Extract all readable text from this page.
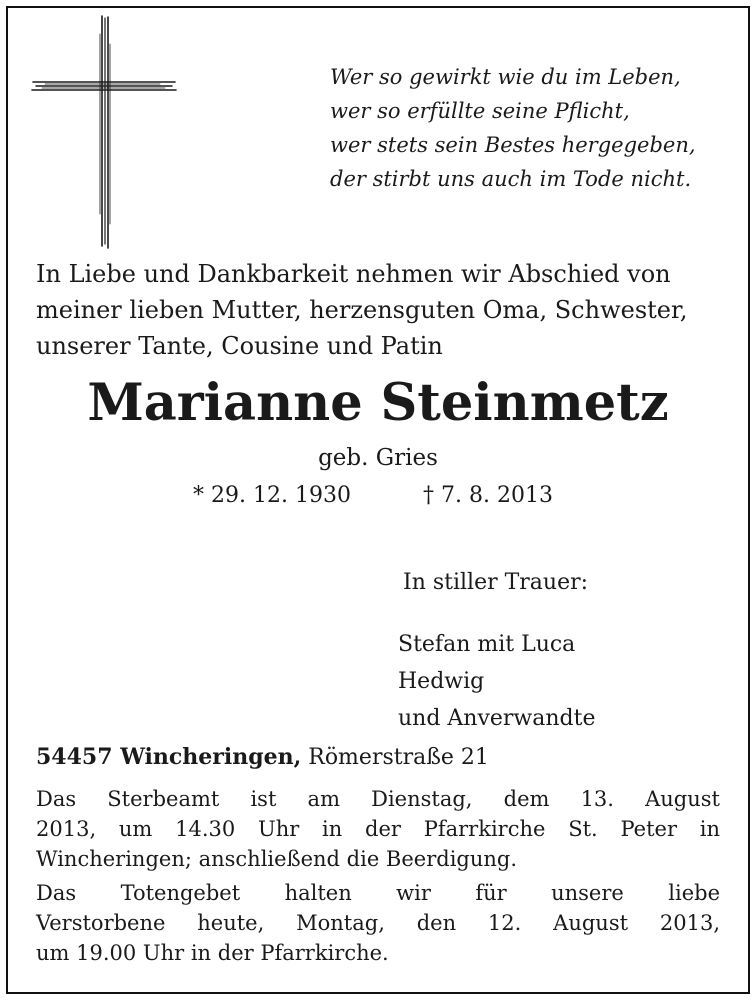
Wer so gewirkt wie du im Leben,
wer so erfüllte seine Pflicht,
wer stets sein Bestes hergegeben,
der stirbt uns auch im Tode nicht.
In Liebe und Dankbarkeit nehmen wir Abschied von
meiner lieben Mutter, herzensguten Oma, Schwester,
unserer Tante, Cousine und Patin
Marianne Steinmetz
geb. Gries
* 29. 12. 1930	† 7. 8. 2013
In stiller Trauer:
Stefan mit Luca
Hedwig
und Anverwandte
54457 Wincheringen, Römerstraße 21
Das Sterbeamt ist am Dienstag, dem 13. August
2013, um 14.30 Uhr in der Pfarrkirche St. Peter in
Wincheringen; anschließend die Beerdigung.
Das Totengebet halten wir für unsere liebe
Verstorbene heute, Montag, den 12. August 2013,
um 19.00 Uhr in der Pfarrkirche.
